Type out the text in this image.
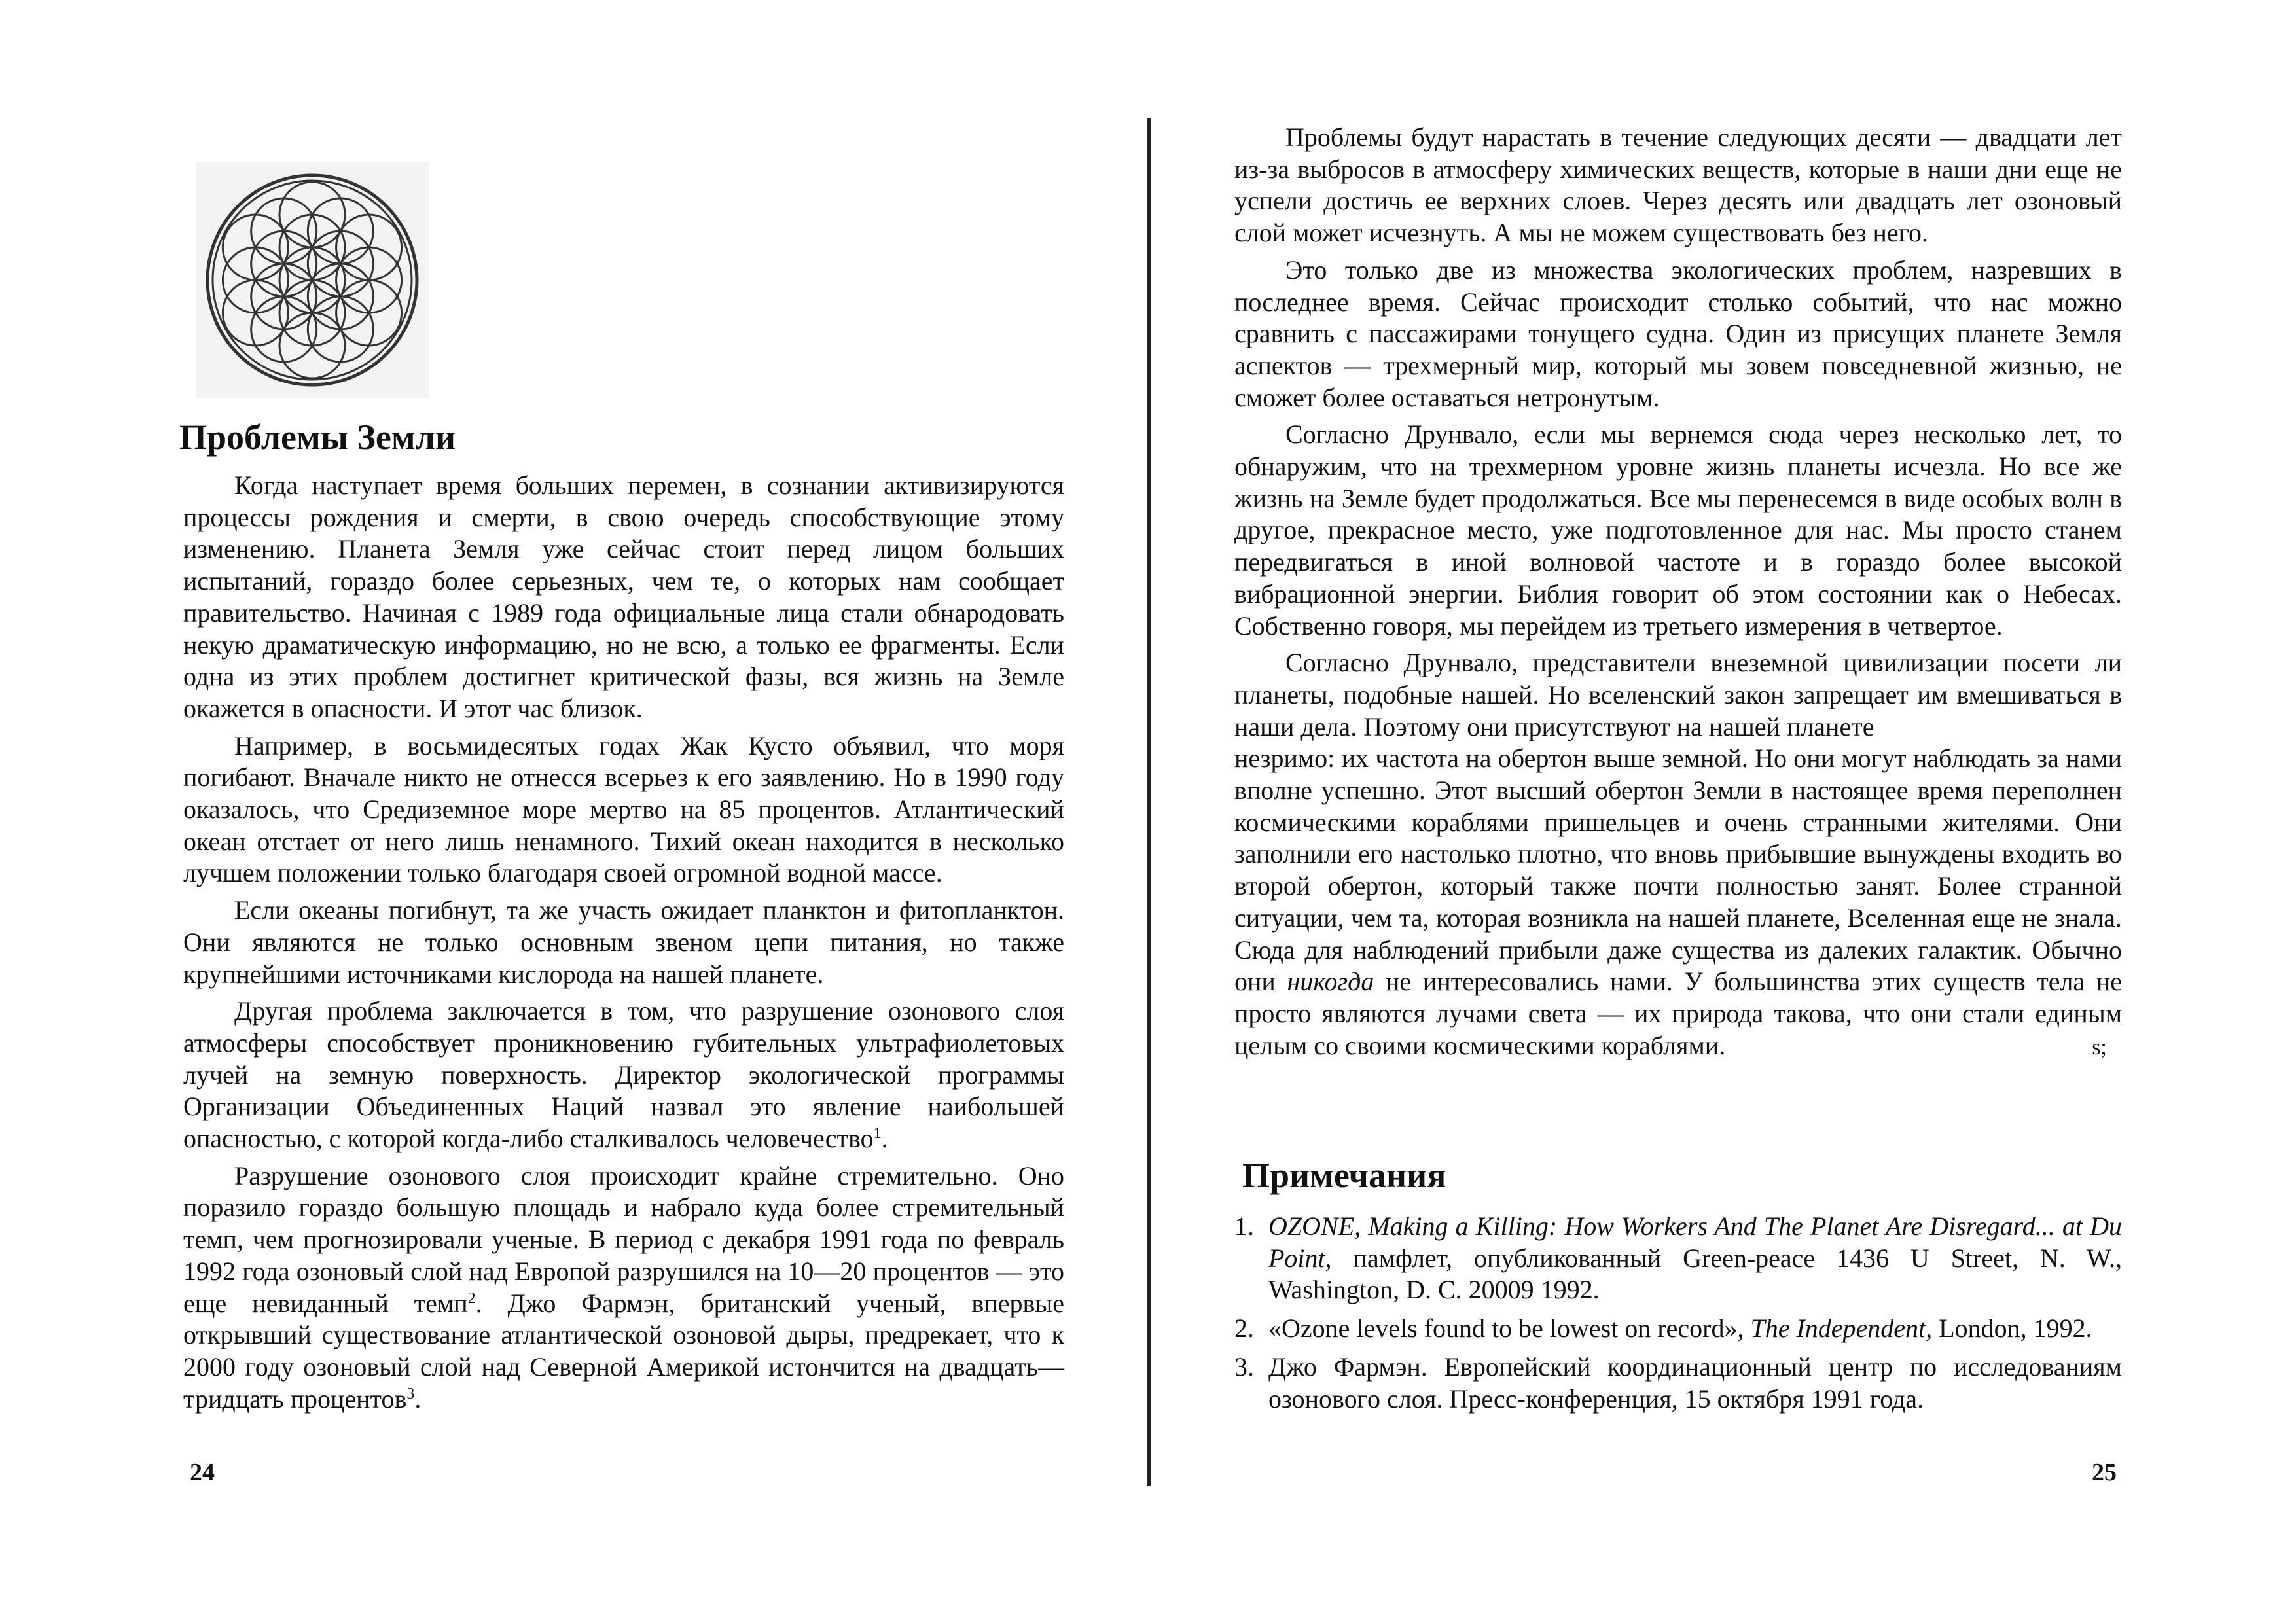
Проблемы Земли

Когда наступает время больших перемен, в сознании активизируются процессы рождения и смерти, в свою очередь способствующие этому изменению. Планета Земля уже сейчас стоит перед лицом больших испытаний, гораздо более серьезных, чем те, о которых нам сообщает правительство. Начиная с 1989 года официальные лица стали обнародовать некую драматическую информацию, но не всю, а только ее фрагменты. Если одна из этих проблем достигнет критической фазы, вся жизнь на Земле окажется в опасности. И этот час близок.

Например, в восьмидесятых годах Жак Кусто объявил, что моря погибают. Вначале никто не отнесся всерьез к его заявлению. Но в 1990 году оказалось, что Средиземное море мертво на 85 процентов. Атлантический океан отстает от него лишь ненамного. Тихий океан находится в несколько лучшем положении только благодаря своей огромной водной массе.

Если океаны погибнут, та же участь ожидает планктон и фитопланктон. Они являются не только основным звеном цепи питания, но также крупнейшими источниками кислорода на нашей планете.

Другая проблема заключается в том, что разрушение озонового слоя атмосферы способствует проникновению губительных ультрафиолетовых лучей на земную поверхность. Директор экологической программы Организации Объединенных Наций назвал это явление наибольшей опасностью, с которой когда-либо сталкивалось человечество$^1$.

Разрушение озонового слоя происходит крайне стремительно. Оно поразило гораздо большую площадь и набрало куда более стремительный темп, чем прогнозировали ученые. В период с декабря 1991 года по февраль 1992 года озоновый слой над Европой разрушился на 10—20 процентов — это еще невиданный темп$^2$. Джо Фармэн, британский ученый, впервые открывший существование атлантической озоновой дыры, предрекает, что к 2000 году озоновый слой над Северной Америкой истончится на двадцать— тридцать процентов$^3$.

24

Проблемы будут нарастать в течение следующих десяти — двадцати лет из-за выбросов в атмосферу химических веществ, которые в наши дни еще не успели достичь ее верхних слоев. Через десять или двадцать лет озоновый слой может исчезнуть. А мы не можем существовать без него.

Это только две из множества экологических проблем, назревших в последнее время. Сейчас происходит столько событий, что нас можно сравнить с пассажирами тонущего судна. Один из присущих планете Земля аспектов — трехмерный мир, который мы зовем повседневной жизнью, не сможет более оставаться нетронутым.

Согласно Друнвало, если мы вернемся сюда через несколько лет, то обнаружим, что на трехмерном уровне жизнь планеты исчезла. Но все же жизнь на Земле будет продолжаться. Все мы перенесемся в виде особых волн в другое, прекрасное место, уже подготовленное для нас. Мы просто станем передвигаться в иной волновой частоте и в гораздо более высокой вибрационной энергии. Библия говорит об этом состоянии как о Небесах. Собственно говоря, мы перейдем из третьего измерения в четвертое.

Согласно Друнвало, представители внеземной цивилизации посети ли планеты, подобные нашей. Но вселенский закон запрещает им вмешиваться в наши дела. Поэтому они присутствуют на нашей планете

незримо: их частота на обертон выше земной. Но они могут наблюдать за нами вполне успешно. Этот высший обертон Земли в настоящее время переполнен космическими кораблями пришельцев и очень странными жителями. Они заполнили его настолько плотно, что вновь прибывшие вынуждены входить во второй обертон, который также почти полностью занят. Более странной ситуации, чем та, которая возникла на нашей планете, Вселенная еще не знала. Сюда для наблюдений прибыли даже существа из далеких галактик. Обычно они никогда не интересовались нами. У большинства этих существ тела не просто являются лучами света — их природа такова, что они стали единым целым со своими космическими кораблями.	s;

Примечания
1. OZONE, Making a Killing: How Workers And The Planet Are Disregard... at Du Point, памфлет, опубликованный Green-peace 1436 U Street, N. W., Washington, D. C. 20009 1992.
2. «Ozone levels found to be lowest on record», The Independent, London, 1992.
3. Джо Фармэн. Европейский координационный центр по исследованиям озонового слоя. Пресс-конференция, 15 октября 1991 года.
25
